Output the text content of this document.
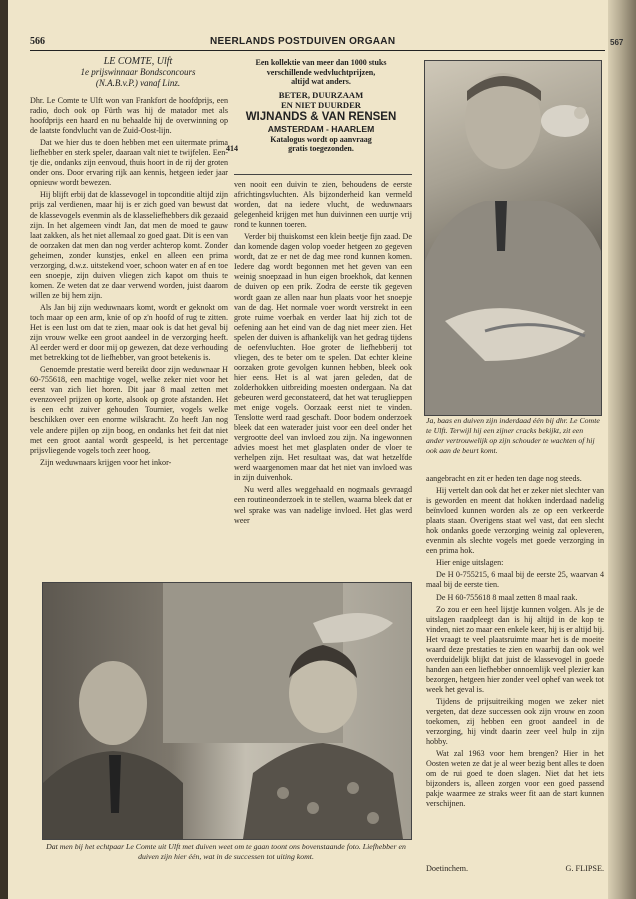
566	NEERLANDS POSTDUIVEN ORGAAN
LE COMTE, Ulft
1e prijswinnaar Bondsconcours
(N.A.B.v.P.) vanaf Linz.

Dhr. Le Comte te Ulft won van Frankfort de hoofdprijs, een radio, doch ook op Fürth was hij de matador met als hoofdprijs een haard en nu behaalde hij de overwinning op de laatste fondvlucht van de Zuid-Oost-lijn.

Dat we hier dus te doen hebben met een uitermate prima liefhebber en sterk speler, daaraan valt niet te twijfelen. Een-tje die, ondanks zijn eenvoud, thuis hoort in de rij der groten onder ons. Door ervaring rijk aan kennis, hetgeen ieder jaar opnieuw wordt bewezen.

Hij blijft erbij dat de klassevogel in topconditie altijd zijn prijs zal verdienen, maar hij is er zich goed van bewust dat de klassevogels evenmin als de klasseliefhebbers dik gezaaid zijn. In het algemeen vindt Jan, dat men de moed te gauw laat zakken, als het niet allemaal zo goed gaat. Dit is een van de oorzaken dat men dan nog verder achterop komt. Zonder geheimen, zonder kunstjes, enkel en alleen een prima verzorging, d.w.z. uitstekend voer, schoon water en af en toe een snoepje, zijn duiven vliegen zich kapot om thuis te komen. Ze weten dat ze daar verwend worden, juist daarom willen ze bij hem zijn.

Als Jan bij zijn weduwnaars komt, wordt er geknokt om toch maar op een arm, knie of op z'n hoofd of rug te zitten. Het is een lust om dat te zien, maar ook is dat het geval bij zijn vrouw welke een groot aandeel in de verzorging heeft. Al eerder werd er door mij op gewezen, dat deze verhouding met betrekking tot de liefhebber, van groot betekenis is.

Genoemde prestatie werd bereikt door zijn weduwnaar H 60-755618, een machtige vogel, welke zeker niet voor het eerst van zich liet horen. Dit jaar 8 maal zetten met evenzoveel prijzen op korte, alsook op grote afstanden. Het is een echt zuiver gehouden Tournier, vogels welke beschikken over een enorme wilskracht. Zo heeft Jan nog vele andere pijlen op zijn boog, en ondanks het feit dat niet met een groot aantal wordt gespeeld, is het percentage prijsvliegende vogels toch zeer hoog.

Zijn weduwnaars krijgen voor het inkor-

Een kollektie van meer dan 1000 stuks
verschillende wedvluchtprijzen,
altijd wat anders.
BETER, DUURZAAM
EN NIET DUURDER
WIJNANDS & VAN RENSEN
AMSTERDAM - HAARLEM
Katalogus wordt op aanvraag
414	gratis toegezonden.

ven nooit een duivin te zien, behoudens de eerste africhtingsvluchten. Als bijzonderheid kan vermeld worden, dat na iedere vlucht, de weduwnaars gelegenheid krijgen met hun duivinnen een uurtje vrij rond te kunnen toeren.

Verder bij thuiskomst een klein beetje fijn zaad. De dan komende dagen volop voeder hetgeen zo gegeven wordt, dat ze er net de dag mee rond kunnen komen. Iedere dag wordt begonnen met het geven van een weinig snoepzaad in hun eigen broekhok, dat kennen de duiven op een prik. Zodra de eerste tik gegeven wordt gaan ze allen naar hun plaats voor het snoepje van de dag. Het normale voer wordt verstrekt in een grote ruime voerbak en verder laat hij zich tot de oefening aan het eind van de dag niet meer zien. Het spelen der duiven is afhankelijk van het gedrag tijdens de oefenvluchten. Hoe groter de liefhebberij tot vliegen, des te beter om te spelen. Dat echter kleine oorzaken grote gevolgen kunnen hebben, bleek ook hier eens. Het is al wat jaren geleden, dat de zolderhokken uitbreiding moesten ondergaan. Na dat gebeuren werd geconstateerd, dat het wat teruglieppen met enige vogels. Oorzaak eerst niet te vinden. Tenslotte werd raad geschaft. Door bodem onderzoek bleek dat een waterader juist voor een deel onder het vergrootte deel van invloed zou zijn. Na ingewonnen advies moest het met glasplaten onder de vloer te verhelpen zijn. Het resultaat was, dat wat hetzelfde werd waargenomen maar dat het niet van invloed was in zijn duivenhok.

Nu werd alles weggehaald en nogmaals gevraagd een routineonderzoek in te stellen, waarna bleek dat er wel sprake was van nadelige invloed. Het glas werd weer

Ja, baas en duiven zijn inderdaad één bij dhr. Le Comte te Ulft. Terwijl hij een zijner cracks bekijkt, zit een ander vertrouwelijk op zijn schouder te wachten of hij ook aan de beurt komt.

aangebracht en zit er heden ten dage nog steeds.

Hij vertelt dan ook dat het er zeker niet slechter van is geworden en meent dat hokken inderdaad nadelig beïnvloed kunnen worden als ze op een verkeerde plaats staan. Overigens staat wel vast, dat een slecht hok ondanks goede verzorging weinig zal opleveren, evenmin als slechte vogels met goede verzorging in een prima hok.

Hier enige uitslagen:

De H 0-755215, 6 maal bij de eerste 25, waarvan 4 maal bij de eerste tien.

De H 60-755618 8 maal zetten 8 maal raak.

Zo zou er een heel lijstje kunnen volgen. Als je de uitslagen raadpleegt dan is hij altijd in de kop te vinden, niet zo maar een enkele keer, hij is er altijd bij. Het vraagt te veel plaatsruimte maar het is de moeite waard deze prestaties te zien en waarbij dan ook wel overduidelijk blijkt dat juist de klassevogel in goede handen aan een liefhebber onnoemlijk veel plezier kan bezorgen, hetgeen hier zonder veel ophef van week tot week het geval is.

Tijdens de prijsuitreiking mogen we zeker niet vergeten, dat deze successen ook zijn vrouw en zoon toekomen, zij hebben een groot aandeel in de verzorging, hij vindt daarin zeer veel hulp in zijn hobby.

Wat zal 1963 voor hem brengen? Hier in het Oosten weten ze dat je al weer bezig bent alles te doen om de rui goed te doen slagen. Niet dat het iets bijzonders is, alleen zorgen voor een goed passend pakje waarmee ze straks weer fit aan de start kunnen verschijnen.

Doetinchem.	G. FLIPSE.
Dat men bij het echtpaar Le Comte uit Ulft met duiven weet om te gaan toont ons bovenstaande foto. Liefhebber en duiven zijn hier één, wat in de successen tot uiting komt.
567
